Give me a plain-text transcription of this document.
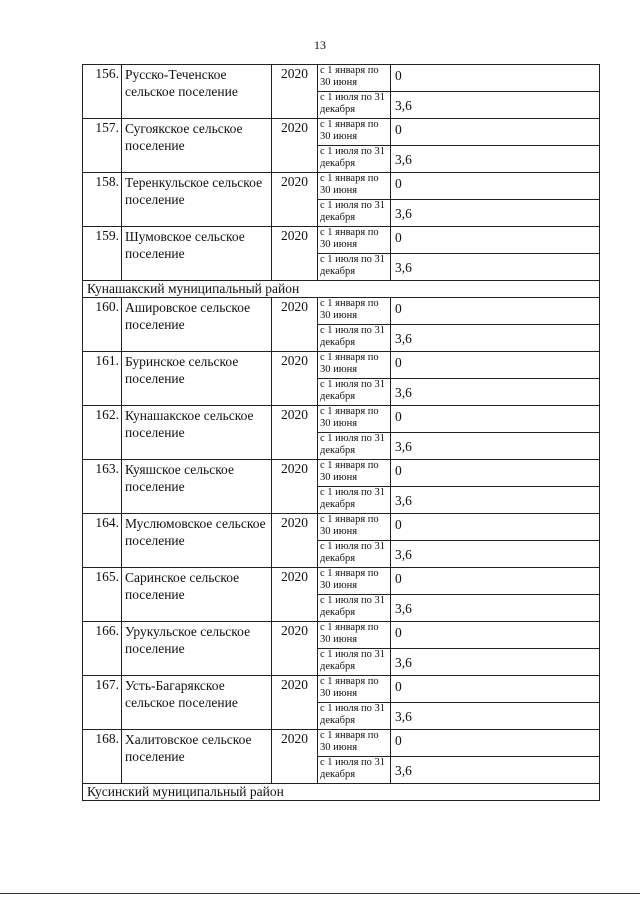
13
156.	Русско-Теченское сельское поселение	2020	с 1 января по 30 июня	0
			с 1 июля по 31 декабря	3,6
157.	Сугоякское сельское поселение	2020	с 1 января по 30 июня	0
			с 1 июля по 31 декабря	3,6
158.	Теренкульское сельское поселение	2020	с 1 января по 30 июня	0
			с 1 июля по 31 декабря	3,6
159.	Шумовское сельское поселение	2020	с 1 января по 30 июня	0
			с 1 июля по 31 декабря	3,6
Кунашакский муниципальный район				
160.	Ашировское сельское поселение	2020	с 1 января по 30 июня	0
			с 1 июля по 31 декабря	3,6
161.	Буринское сельское поселение	2020	с 1 января по 30 июня	0
			с 1 июля по 31 декабря	3,6
162.	Кунашакское сельское поселение	2020	с 1 января по 30 июня	0
			с 1 июля по 31 декабря	3,6
163.	Куяшское сельское поселение	2020	с 1 января по 30 июня	0
			с 1 июля по 31 декабря	3,6
164.	Муслюмовское сельское поселение	2020	с 1 января по 30 июня	0
			с 1 июля по 31 декабря	3,6
165.	Саринское сельское поселение	2020	с 1 января по 30 июня	0
			с 1 июля по 31 декабря	3,6
166.	Урукульское сельское поселение	2020	с 1 января по 30 июня	0
			с 1 июля по 31 декабря	3,6
167.	Усть-Багарякское сельское поселение	2020	с 1 января по 30 июня	0
			с 1 июля по 31 декабря	3,6
168.	Халитовское сельское поселение	2020	с 1 января по 30 июня	0
			с 1 июля по 31 декабря	3,6
Кусинский муниципальный район				
